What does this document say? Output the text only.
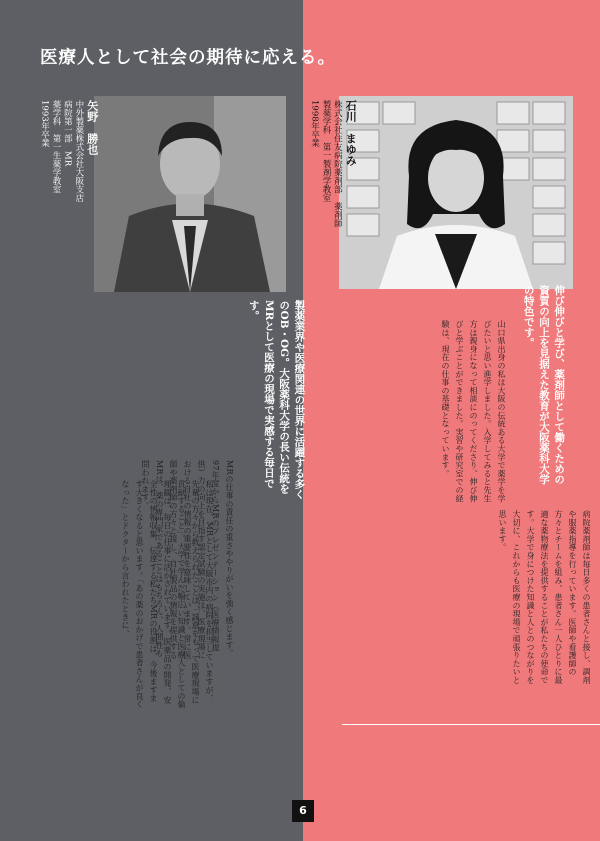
医療人として社会の期待に応える。
矢野　勝也
中外製薬株式会社大阪支店
病院第一部　MR
薬学科　第一生薬学教室
1993年卒業	石川　まゆみ
株式会社住友病院薬剤部　薬剤師
製薬学科　第一製剤学教室
1998年卒業

製薬業界や医療関連の世界に活躍する多くのOB・OG。大阪薬科大学の長い伝統をMRとして医療の現場で実感する毎日です。	伸び伸びと学び、薬剤師として働くための資質の向上を見据えた教育が大阪薬科大学の特色です。

MRの仕事の責任の重さややりがいを強く感じます。97年度からMRのプレゼンテーション（医療情報提供）力の向上を目指す認定試験の実施は、医療現場における自社の情報の重要性を意味しています。常に医師や薬剤師の方々と接し、自社製品の情報を提供するMRは、薬の専門家であることはもちろん、人間性も問われます。	私は現在、MRとして大阪市内の病院を担当していますが、先輩の方々から教えられたことは「誠意をもって医療現場に貢献すること」。大学で学んだ幅広い知識と医療人としての倫理観は、毎日の仕事に活かされています。医薬品の開発、安全性の情報収集、伝達する私たちMRの役割は、今後ますます大きくなると思います。「あの薬のおかげで患者さんが良くなった」とドクターから言われたときに、

山口県出身の私は大阪の伝統ある大学で薬学を学びたいと思い進学しました。入学してみると先生方は親身になって相談にのってくださり、伸び伸びと学ぶことができました。実習や研究室での経験は、現在の仕事の基礎となっています。

病院薬剤師は毎日多くの患者さんと接し、調剤や服薬指導を行っています。医師や看護師の方々とチームを組み、患者さん一人ひとりに最適な薬物療法を提供することが私たちの使命です。大学で身につけた知識と人とのつながりを大切に、これからも医療の現場で頑張りたいと思います。

6
